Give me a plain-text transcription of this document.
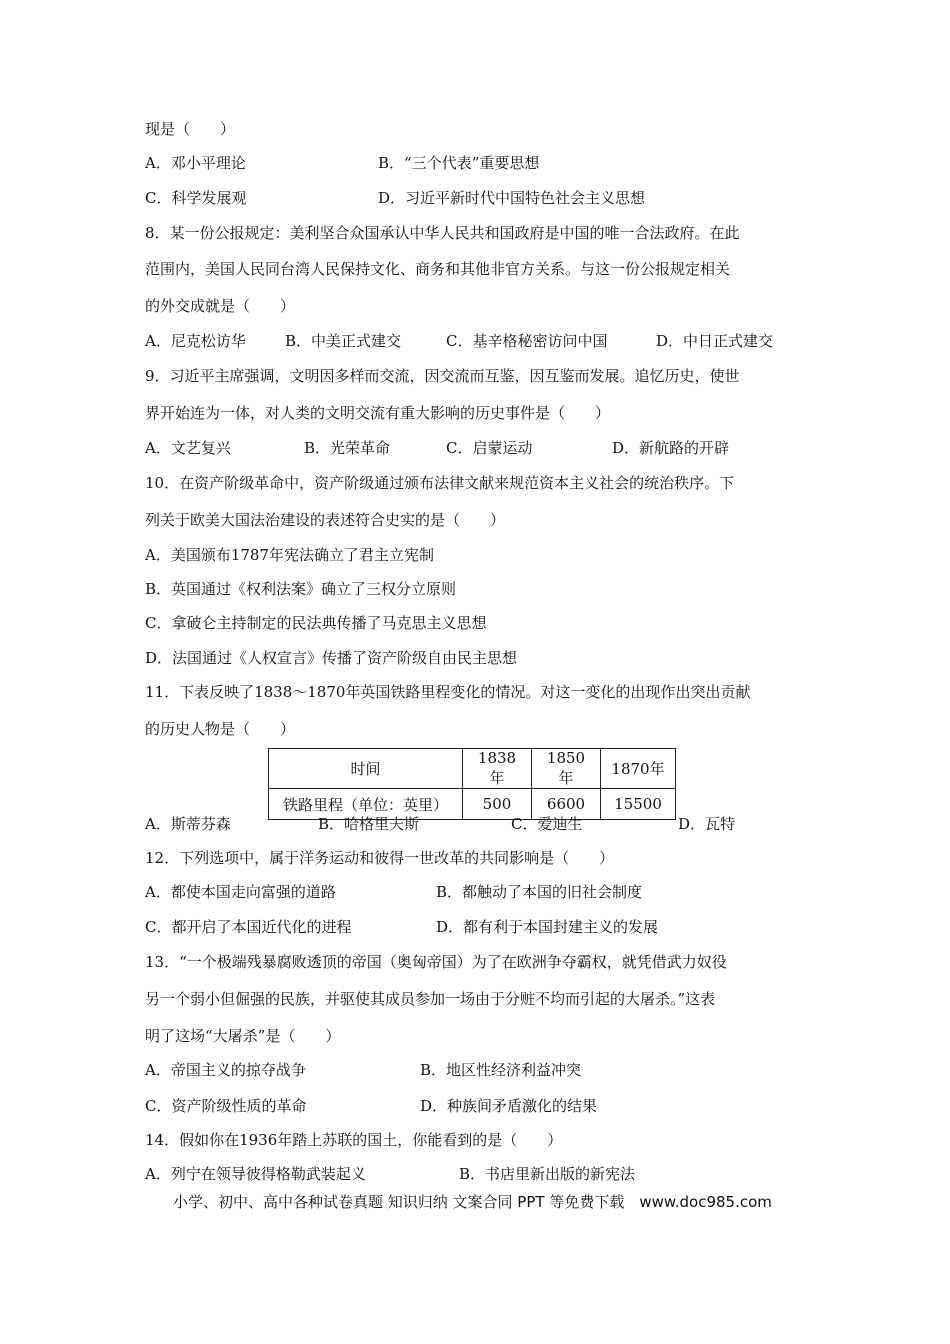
现是（　　）
A．邓小平理论	B．“三个代表”重要思想
C．科学发展观	D．习近平新时代中国特色社会主义思想
8．某一份公报规定：美利坚合众国承认中华人民共和国政府是中国的唯一合法政府。在此
范围内，美国人民同台湾人民保持文化、商务和其他非官方关系。与这一份公报规定相关
的外交成就是（　　）
A．尼克松访华	B．中美正式建交	C．基辛格秘密访问中国	D．中日正式建交
9．习近平主席强调，文明因多样而交流，因交流而互鉴，因互鉴而发展。追忆历史，使世
界开始连为一体，对人类的文明交流有重大影响的历史事件是（　　）
A．文艺复兴	B．光荣革命	C．启蒙运动	D．新航路的开辟
10．在资产阶级革命中，资产阶级通过颁布法律文献来规范资本主义社会的统治秩序。下
列关于欧美大国法治建设的表述符合史实的是（　　）
A．美国颁布1787年宪法确立了君主立宪制
B．英国通过《权利法案》确立了三权分立原则
C．拿破仑主持制定的民法典传播了马克思主义思想
D．法国通过《人权宣言》传播了资产阶级自由民主思想
11．下表反映了1838～1870年英国铁路里程变化的情况。对这一变化的出现作出突出贡献
的历史人物是（　　）
时间	1838年	1850年	1870年
铁路里程（单位：英里）	500	6600	15500
A．斯蒂芬森	B．哈格里夫斯	C．爱迪生	D．瓦特
12．下列选项中，属于洋务运动和彼得一世改革的共同影响是（　　）
A．都使本国走向富强的道路	B．都触动了本国的旧社会制度
C．都开启了本国近代化的进程	D．都有利于本国封建主义的发展
13．“一个极端残暴腐败透顶的帝国（奥匈帝国）为了在欧洲争夺霸权，就凭借武力奴役
另一个弱小但倔强的民族，并驱使其成员参加一场由于分赃不均而引起的大屠杀。”这表
明了这场“大屠杀”是（　　）
A．帝国主义的掠夺战争	B．地区性经济利益冲突
C．资产阶级性质的革命	D．种族间矛盾激化的结果
14．假如你在1936年踏上苏联的国土，你能看到的是（　　）
A．列宁在领导彼得格勒武装起义	B．书店里新出版的新宪法
小学、初中、高中各种试卷真题 知识归纳 文案合同 PPT 等免费下载　www.doc985.com
